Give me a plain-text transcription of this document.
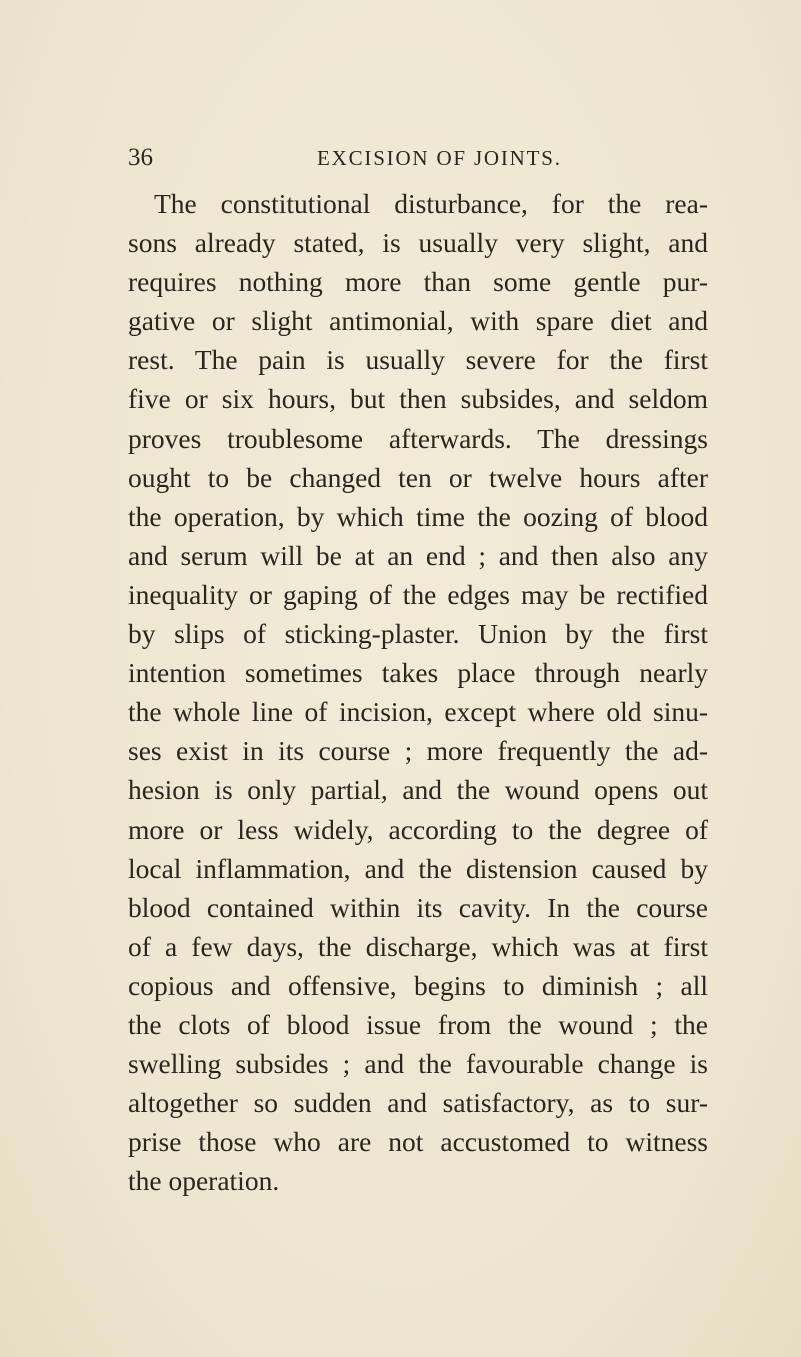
36	EXCISION OF JOINTS.
The constitutional disturbance, for the rea-
sons already stated, is usually very slight, and
requires nothing more than some gentle pur-
gative or slight antimonial, with spare diet and
rest. The pain is usually severe for the first
five or six hours, but then subsides, and seldom
proves troublesome afterwards. The dressings
ought to be changed ten or twelve hours after
the operation, by which time the oozing of blood
and serum will be at an end ; and then also any
inequality or gaping of the edges may be rectified
by slips of sticking-plaster. Union by the first
intention sometimes takes place through nearly
the whole line of incision, except where old sinu-
ses exist in its course ; more frequently the ad-
hesion is only partial, and the wound opens out
more or less widely, according to the degree of
local inflammation, and the distension caused by
blood contained within its cavity. In the course
of a few days, the discharge, which was at first
copious and offensive, begins to diminish ; all
the clots of blood issue from the wound ; the
swelling subsides ; and the favourable change is
altogether so sudden and satisfactory, as to sur-
prise those who are not accustomed to witness
the operation.
